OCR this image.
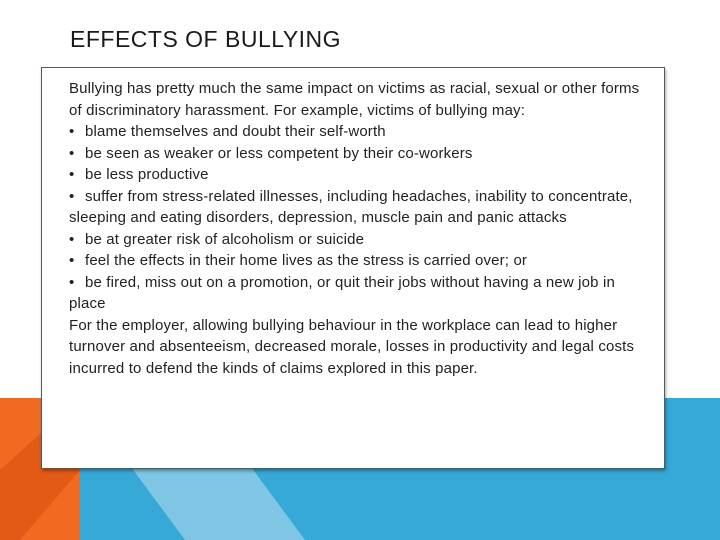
EFFECTS OF BULLYING

Bullying has pretty much the same impact on victims as racial, sexual or other forms of discriminatory harassment. For example, victims of bullying may:

• blame themselves and doubt their self-worth

• be seen as weaker or less competent by their co-workers

• be less productive

• suffer from stress-related illnesses, including headaches, inability to concentrate, sleeping and eating disorders, depression, muscle pain and panic attacks

• be at greater risk of alcoholism or suicide

• feel the effects in their home lives as the stress is carried over; or

• be fired, miss out on a promotion, or quit their jobs without having a new job in place

For the employer, allowing bullying behaviour in the workplace can lead to higher turnover and absenteeism, decreased morale, losses in productivity and legal costs incurred to defend the kinds of claims explored in this paper.
